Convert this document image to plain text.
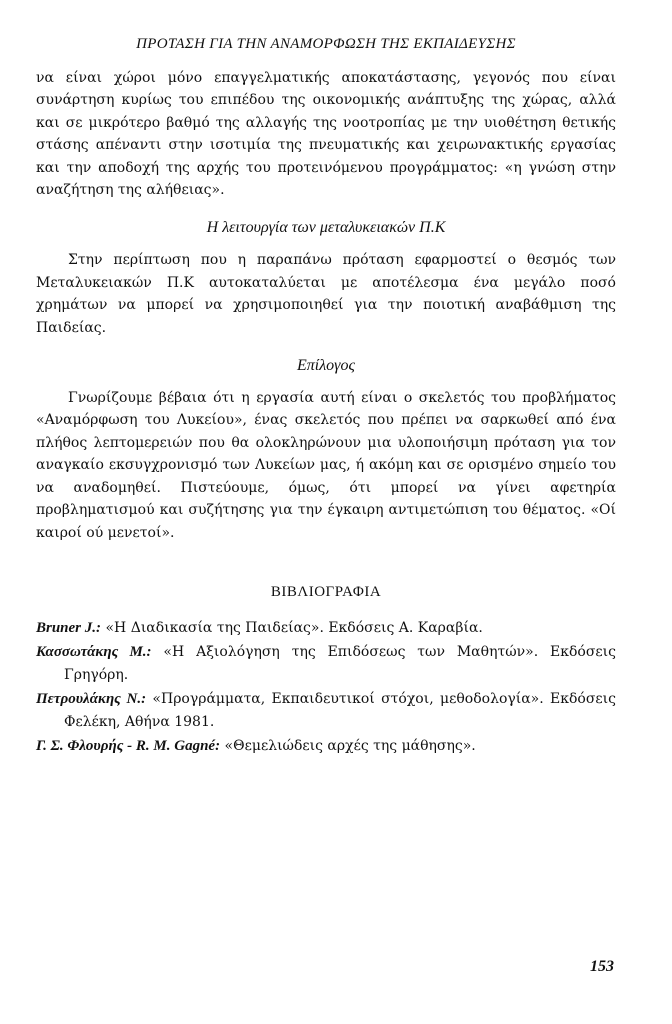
ΠΡΟΤΑΣΗ ΓΙΑ ΤΗΝ ΑΝΑΜΟΡΦΩΣΗ ΤΗΣ ΕΚΠΑΙΔΕΥΣΗΣ

να είναι χώροι μόνο επαγγελματικής αποκατάστασης, γεγονός που είναι συνάρτηση κυρίως του επιπέδου της οικονομικής ανάπτυξης της χώρας, αλλά και σε μικρότερο βαθμό της αλλαγής της νοοτροπίας με την υιοθέτηση θετικής στάσης απέναντι στην ισοτιμία της πνευματικής και χειρωνακτικής εργασίας και την αποδοχή της αρχής του προτεινόμενου προγράμματος: «η γνώση στην αναζήτηση της αλήθειας».

Η λειτουργία των μεταλυκειακών Π.Κ

Στην περίπτωση που η παραπάνω πρόταση εφαρμοστεί ο θεσμός των Μεταλυκειακών Π.Κ αυτοκαταλύεται με αποτέλεσμα ένα μεγάλο ποσό χρημάτων να μπορεί να χρησιμοποιηθεί για την ποιοτική αναβάθμιση της Παιδείας.

Επίλογος

Γνωρίζουμε βέβαια ότι η εργασία αυτή είναι ο σκελετός του προβλήματος «Αναμόρφωση του Λυκείου», ένας σκελετός που πρέπει να σαρκωθεί από ένα πλήθος λεπτομερειών που θα ολοκληρώνουν μια υλοποιήσιμη πρόταση για τον αναγκαίο εκσυγχρονισμό των Λυκείων μας, ή ακόμη και σε ορισμένο σημείο του να αναδομηθεί. Πιστεύουμε, όμως, ότι μπορεί να γίνει αφετηρία προβληματισμού και συζήτησης για την έγκαιρη αντιμετώπιση του θέματος. «Οί καιροί ού μενετοί».

ΒΙΒΛΙΟΓΡΑΦΙΑ

Bruner J.: «Η Διαδικασία της Παιδείας». Εκδόσεις Α. Καραβία.

Κασσωτάκης Μ.: «Η Αξιολόγηση της Επιδόσεως των Μαθητών». Εκδόσεις Γρηγόρη.

Πετρουλάκης Ν.: «Προγράμματα, Εκπαιδευτικοί στόχοι, μεθοδολογία». Εκδόσεις Φελέκη, Αθήνα 1981.

Γ. Σ. Φλουρής - R. M. Gagné: «Θεμελιώδεις αρχές της μάθησης».

153
